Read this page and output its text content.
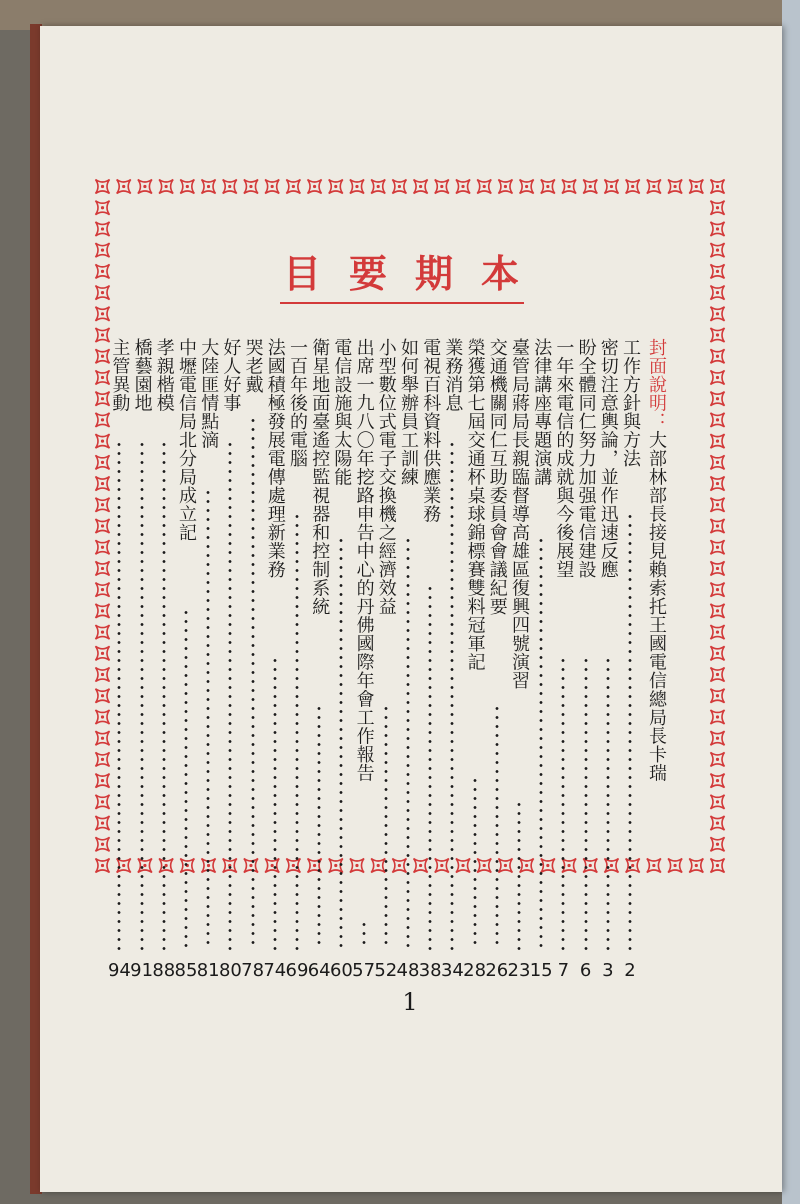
目 要 期 本
封面說明：大部林部長接見賴索托王國電信總局長卡瑞
工作方針與方法
2
密切注意輿論，並作迅速反應
3
盼全體同仁努力加强電信建設
6
一年來電信的成就與今後展望
7
法律講座專題演講
15
臺管局蔣局長親臨督導高雄區復興四號演習
23
交通機關同仁互助委員會會議紀要
26
榮獲第七屆交通杯桌球錦標賽雙料冠軍記
28
業務消息
34
電視百科資料供應業務
38
如何舉辦員工訓練
48
小型數位式電子交換機之經濟效益
52
出席一九八〇年挖路申告中心的丹佛國際年會工作報告
57
電信設施與太陽能
60
衛星地面臺遙控監視器和控制系統
64
一百年後的電腦
69
法國積極發展電傳處理新業務
74
哭老戴
78
好人好事
80
大陸匪情點滴
81
中壢電信局北分局成立記
85
孝親楷模
88
橋藝園地
91
主管異動
94
1
